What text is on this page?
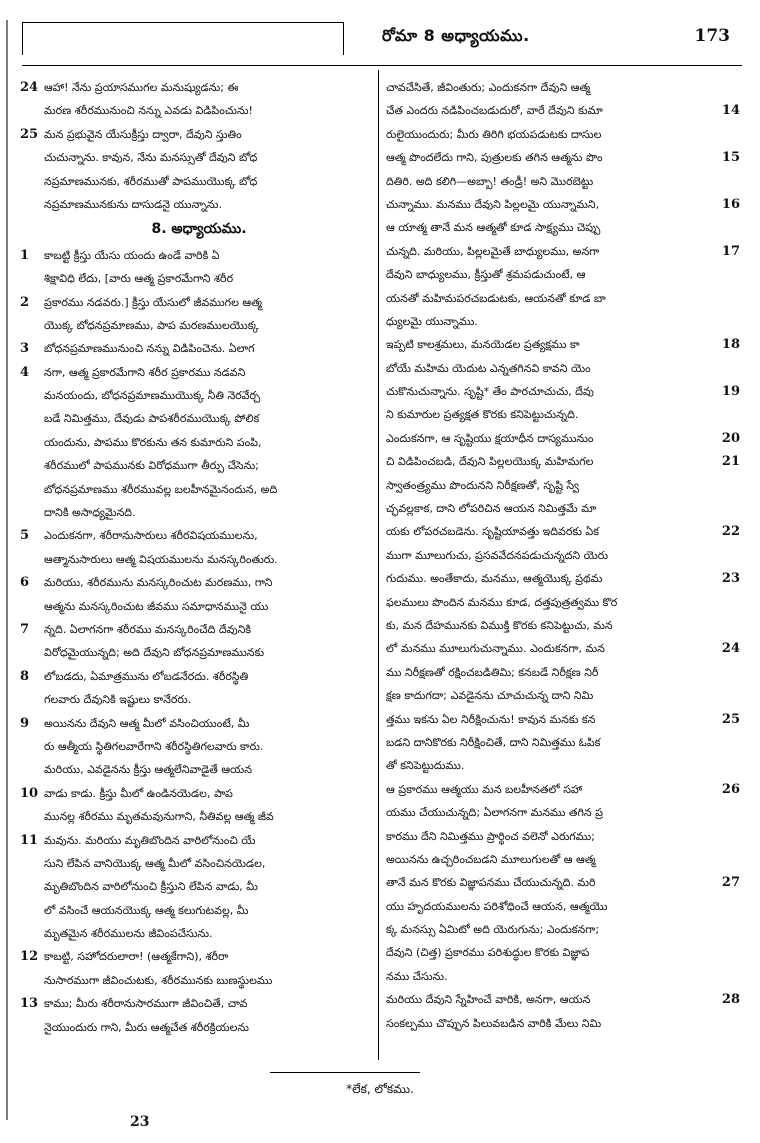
రోమా 8 అధ్యాయము.	173
24 ఆహా! నేను ప్రయాసముగల మనుష్యుడను; ఈ
మరణ శరీరమునుంచి నన్ను ఎవడు విడిపించును!
25 మన ప్రభువైన యేసుక్రీస్తు ద్వారా, దేవుని స్తుతిం
చుచున్నాను. కావున, నేను మనస్సుతో దేవుని బోధ
నప్రమాణమునకు, శరీరముతో పాపముయొక్క బోధ
నప్రమాణమునకును దాసుడనై యున్నాను.
8. అధ్యాయము.
1	కాబట్టి క్రీస్తు యేసు యందు ఉండే వారికి ఏ
శిక్షావిధి లేదు, [వారు ఆత్మ ప్రకారమేగాని శరీర
2	ప్రకారము నడవరు.] క్రీస్తు యేసులో జీవముగల ఆత్మ
యొక్క బోధనప్రమాణము, పాప మరణములయొక్క
3	బోధనప్రమాణమునుంచి నన్ను విడిపించెను. ఏలాగ
4	నగా, ఆత్మ ప్రకారమేగాని శరీర ప్రకారము నడవని
మనయందు, బోధనప్రమాణముయొక్క నీతి నెరవేర్చ
బడే నిమిత్తము, దేవుడు పాపశరీరముయొక్క పోలిక
యందును, పాపము కొరకును తన కుమారుని పంపి,
శరీరములో పాపమునకు విరోధముగా తీర్పు చేసెను;
బోధనప్రమాణము శరీరమువల్ల బలహీనమైనందున, అది
దానికి అసాధ్యమైనది.
5	ఎందుకనగా, శరీరానుసారులు శరీరవిషయములను,
ఆత్మానుసారులు ఆత్మ విషయములను మనస్కరింతురు.
6	మరియు, శరీరమును మనస్కరించుట మరణము, గాని
ఆత్మను మనస్కరించుట జీవము సమాధానమునై యు
7	న్నది. ఏలాగనగా శరీరము మనస్కరించేది దేవునికి
విరోధమైయున్నది; అది దేవుని బోధనప్రమాణమునకు
8	లోబడదు, ఏమాత్రమును లోబడనేరదు. శరీరస్థితి
గలవారు దేవునికి ఇష్టులు కానేరరు.
9	అయినను దేవుని ఆత్మ మీలో వసించియుంటే, మీ
రు ఆత్మీయ స్థితిగలవారేగాని శరీరస్థితిగలవారు కారు.
మరియు, ఎవడైనను క్రీస్తు ఆత్మలేనివాడైతే ఆయన
10 వాడు కాడు. క్రీస్తు మీలో ఉండినయెడల, పాప
మునల్ల శరీరము మృతమవునుగాని, నీతివల్ల ఆత్మ జీవ
11 మవును. మరియు మృతిబొందిన వారిలోనుంచి యే
సుని లేపిన వానియొక్క ఆత్మ మీలో వసించినయెడల,
మృతిబొందిన వారిలోనుంచి క్రీస్తుని లేపిన వాడు, మీ
లో వసించే ఆయనయొక్క ఆత్మ కలుగుటవల్ల, మీ
మృతమైన శరీరములను జీవింపచేసును.
12 కాబట్టి, సహోదరులారా! (ఆత్మకేగాని), శరీరా
నుసారముగా జీవించుటకు, శరీరమునకు బుణస్థులము
13 కాము; మీరు శరీరానుసారముగా జీవించితే, చావ
నైయుందురు గాని, మీరు ఆత్మచేత శరీరక్రియలను
చావచేసితే, జీవింతురు; ఎందుకనగా దేవుని ఆత్మ
14
చేత ఎందరు నడిపించబడుదురో, వారే దేవుని కుమా
రులైయుందురు; మీరు తిరిగి భయపడుటకు దాసుల
15
ఆత్మ పొందలేదు గాని, పుత్రులకు తగిన ఆత్మను పొం
దితిరి. అది కలిగి—అబ్బా! తండ్రీ! అని మొరబెట్టు
16
చున్నాము. మనము దేవుని పిల్లలమై యున్నామని,
ఆ యాత్మ తానే మన ఆత్మతో కూడ సాక్ష్యము చెప్పు
17
చున్నది. మరియు, పిల్లలమైతే బాధ్యులము, అనగా
దేవుని బాధ్యులము, క్రీస్తుతో శ్రమపడుచుంటే, ఆ
యనతో మహిమపరచబడుటకు, ఆయనతో కూడ బా
ధ్యులమై యున్నాము.
18
ఇప్పటి కాలశ్రమలు, మనయెడల ప్రత్యక్షము కా
బోయే మహిమ యెదుట ఎన్నతగినవి కావని యెం
19
చుకొనుచున్నాను. సృష్టి* తేం పారచూచుచు, దేవు
ని కుమారుల ప్రత్యక్షత కొరకు కనిపెట్టుచున్నది.
20
ఎందుకనగా, ఆ సృష్టియు క్షయాధీన దాస్యమునుం
21
చి విడిపించబడి, దేవుని పిల్లలయొక్క మహిమగల
స్వాతంత్ర్యము పొందునని నిరీక్షణతో, సృష్టి స్వే
చ్ఛవల్లకాక, దాని లోపరిచిన ఆయన నిమిత్తమే మా
22
యకు లోపరచబడెను. సృష్టియావత్తు ఇదివరకు ఏక
ముగా మూలుగుచు, ప్రసవవేదనపడుచున్నదని యెరు
23
గుదుము. అంతేకాదు, మనము, ఆత్మయొక్క ప్రథమ
ఫలములు పొందిన మనము కూడ, దత్తపుత్రత్వము కొర
కు, మన దేహమునకు విముక్తి కొరకు కనిపెట్టుచు, మన
24
లో మనము మూలుగుచున్నాము. ఎందుకనగా, మన
ము నిరీక్షణతో రక్షించబడితిమి; కనబడే నిరీక్షణ నిరీ
క్షణ కాదుగదా; ఎవడైనను చూచుచున్న దాని నిమి
25
త్తము ఇకను ఏల నిరీక్షించును! కావున మనకు కన
బడని దానికొరకు నిరీక్షించితే, దాని నిమిత్తము ఓపిక
తో కనిపెట్టుదుము.
26
ఆ ప్రకారము ఆత్మయు మన బలహీనతలో సహా
యము చేయుచున్నది; ఏలాగనగా మనము తగిన ప్ర
కారము దేని నిమిత్తము ప్రార్థించ వలెనో ఎరుగము;
అయినను ఉచ్చరించబడని మూలుగులతో ఆ ఆత్మ
27
తానే మన కొరకు విజ్ఞాపనము చేయుచున్నది. మరి
యు హృదయములను పరిశోధించే ఆయన, ఆత్మయొ
క్క మనస్సు ఏమిటో అది యెరుగును; ఎందుకనగా;
దేవుని (చిత్త) ప్రకారము పరిశుద్ధుల కొరకు విజ్ఞాప
నము చేసును.
28
మరియు దేవుని స్నేహించే వారికి, అనగా, ఆయన
సంకల్పము చొప్పున పిలువబడిన వారికి మేలు నిమి
*లేక, లోకము.
23
